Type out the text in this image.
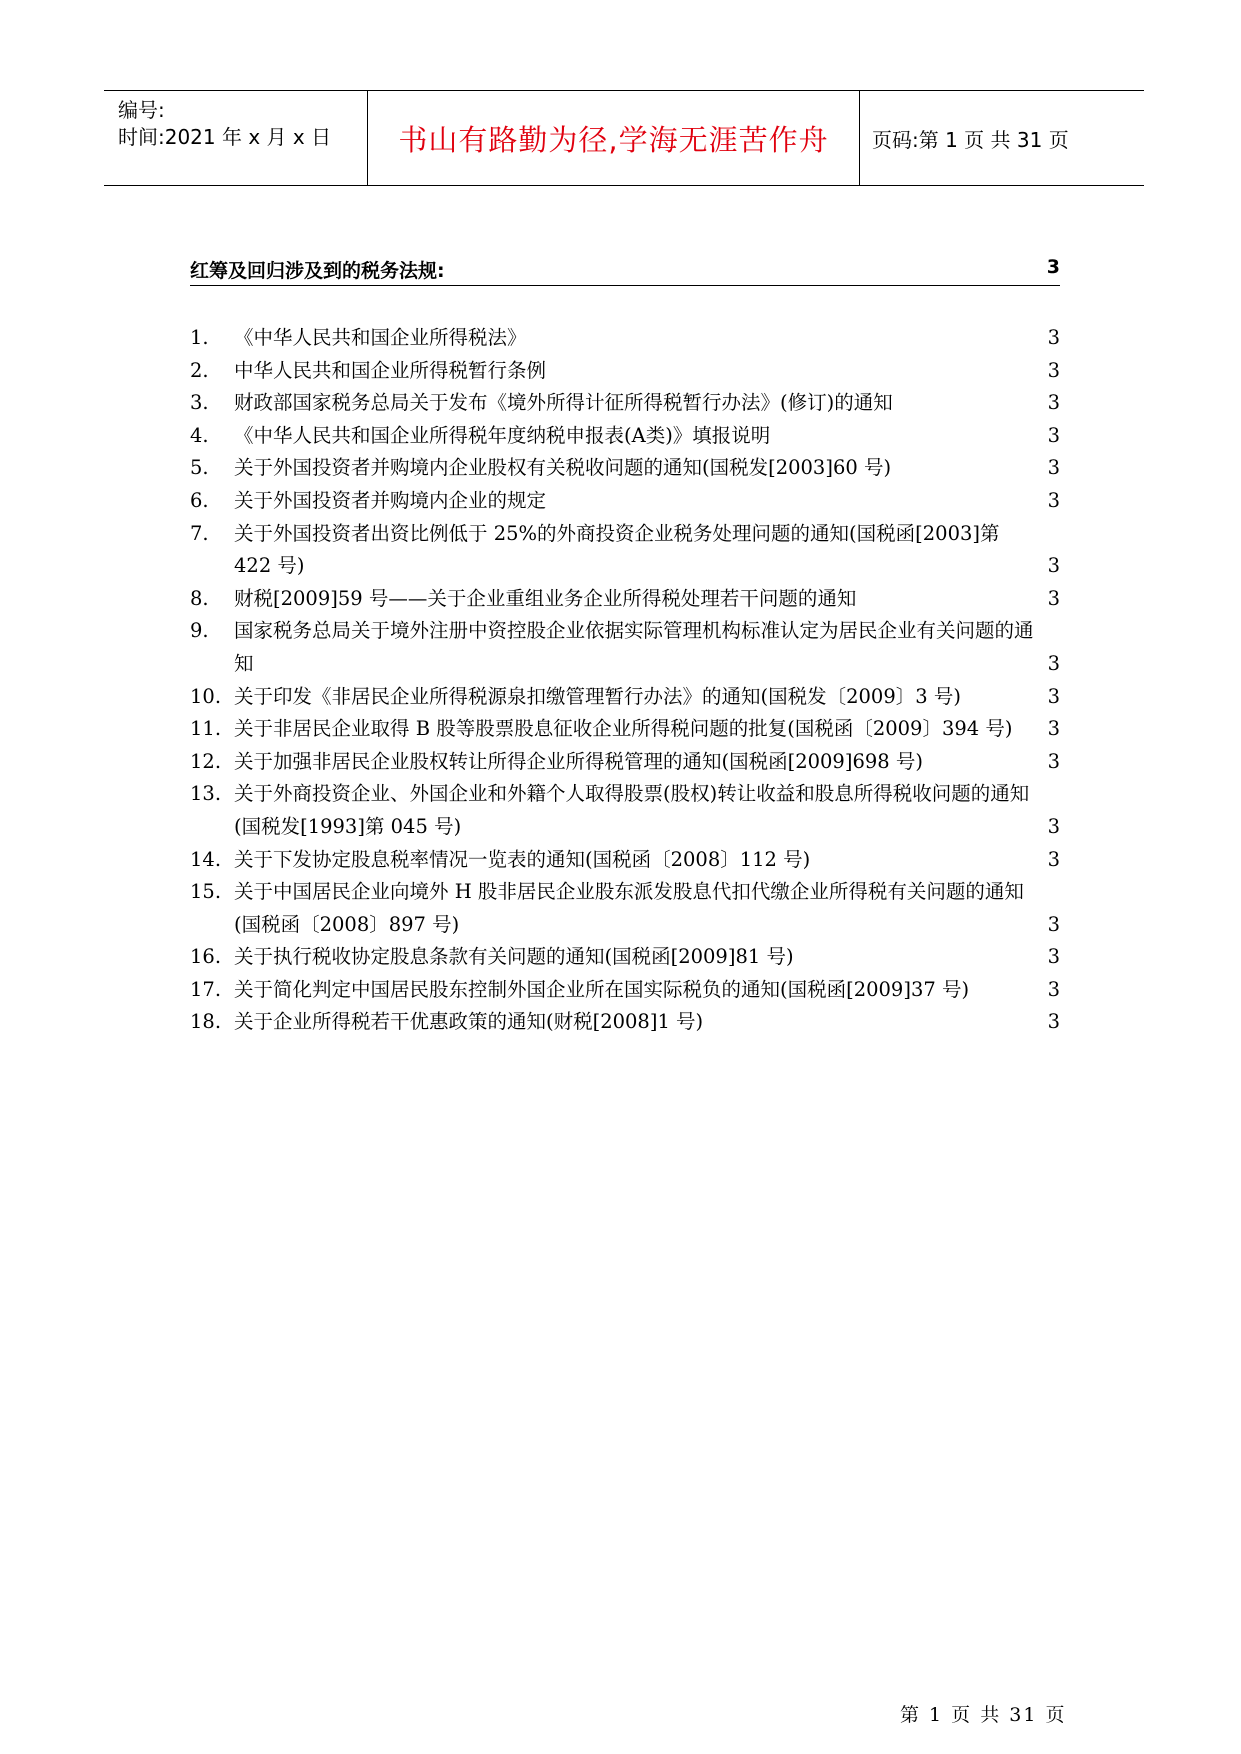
编号:
时间:2021 年 x 月 x 日	书山有路勤为径,学海无涯苦作舟	页码:第 1 页 共 31 页
红筹及回归涉及到的税务法规:	3
1.	《中华人民共和国企业所得税法》	3
2.	中华人民共和国企业所得税暂行条例	3
3.	财政部国家税务总局关于发布《境外所得计征所得税暂行办法》(修订)的通知	3
4.	《中华人民共和国企业所得税年度纳税申报表(A类)》填报说明	3
5.	关于外国投资者并购境内企业股权有关税收问题的通知(国税发[2003]60 号)	3
6.	关于外国投资者并购境内企业的规定	3
7.	关于外国投资者出资比例低于 25%的外商投资企业税务处理问题的通知(国税函[2003]第 422 号)	3
8.	财税[2009]59 号——关于企业重组业务企业所得税处理若干问题的通知	3
9.	国家税务总局关于境外注册中资控股企业依据实际管理机构标准认定为居民企业有关问题的通知	3
10. 关于印发《非居民企业所得税源泉扣缴管理暂行办法》的通知(国税发〔2009〕3 号)	3
11. 关于非居民企业取得 B 股等股票股息征收企业所得税问题的批复(国税函〔2009〕394 号) 3
12. 关于加强非居民企业股权转让所得企业所得税管理的通知(国税函[2009]698 号)	3
13. 关于外商投资企业、外国企业和外籍个人取得股票(股权)转让收益和股息所得税收问题的通知(国税发[1993]第 045 号)	3
14. 关于下发协定股息税率情况一览表的通知(国税函〔2008〕112 号)	3
15. 关于中国居民企业向境外 H 股非居民企业股东派发股息代扣代缴企业所得税有关问题的通知(国税函〔2008〕897 号)	3
16. 关于执行税收协定股息条款有关问题的通知(国税函[2009]81 号)	3
17. 关于简化判定中国居民股东控制外国企业所在国实际税负的通知(国税函[2009]37 号)	3
18. 关于企业所得税若干优惠政策的通知(财税[2008]1 号)	3
第 1 页 共 31 页
